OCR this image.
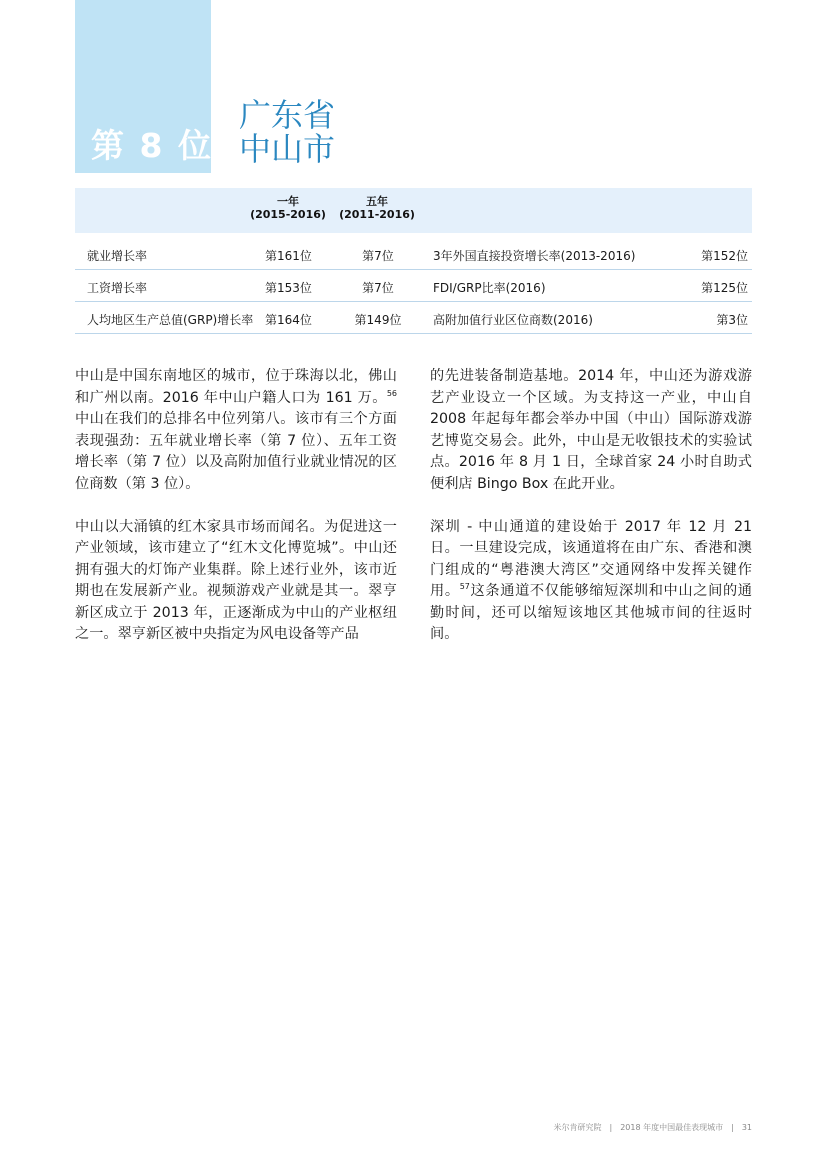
第 8 位
广东省
中山市
一年
(2015-2016)
五年
(2011-2016)
就业增长率	第161位	第7位	3年外国直接投资增长率(2013-2016)	第152位
工资增长率	第153位	第7位	FDI/GRP比率(2016)	第125位
人均地区生产总值(GRP)增长率 第164位	第149位	高附加值行业区位商数(2016)	第3位

中山是中国东南地区的城市，位于珠海以北，佛山和广州以南。2016 年中山户籍人口为 161 万。$^{56}$中山在我们的总排名中位列第八。该市有三个方面表现强劲：五年就业增长率（第 7 位）、五年工资增长率（第 7 位）以及高附加值行业就业情况的区位商数（第 3 位）。

中山以大涌镇的红木家具市场而闻名。为促进这一产业领域，该市建立了“红木文化博览城”。中山还拥有强大的灯饰产业集群。除上述行业外，该市近期也在发展新产业。视频游戏产业就是其一。翠亨新区成立于 2013 年，正逐渐成为中山的产业枢纽之一。翠亨新区被中央指定为风电设备等产品

的先进装备制造基地。2014 年，中山还为游戏游艺产业设立一个区域。为支持这一产业，中山自 2008 年起每年都会举办中国（中山）国际游戏游艺博览交易会。此外，中山是无收银技术的实验试点。2016 年 8 月 1 日，全球首家 24 小时自助式便利店 Bingo Box 在此开业。

深圳 - 中山通道的建设始于 2017 年 12 月 21 日。一旦建设完成，该通道将在由广东、香港和澳门组成的“粤港澳大湾区”交通网络中发挥关键作用。$^{57}$这条通道不仅能够缩短深圳和中山之间的通勤时间，还可以缩短该地区其他城市间的往返时间。

米尔肯研究院 | 2018 年度中国最佳表现城市 | 31
